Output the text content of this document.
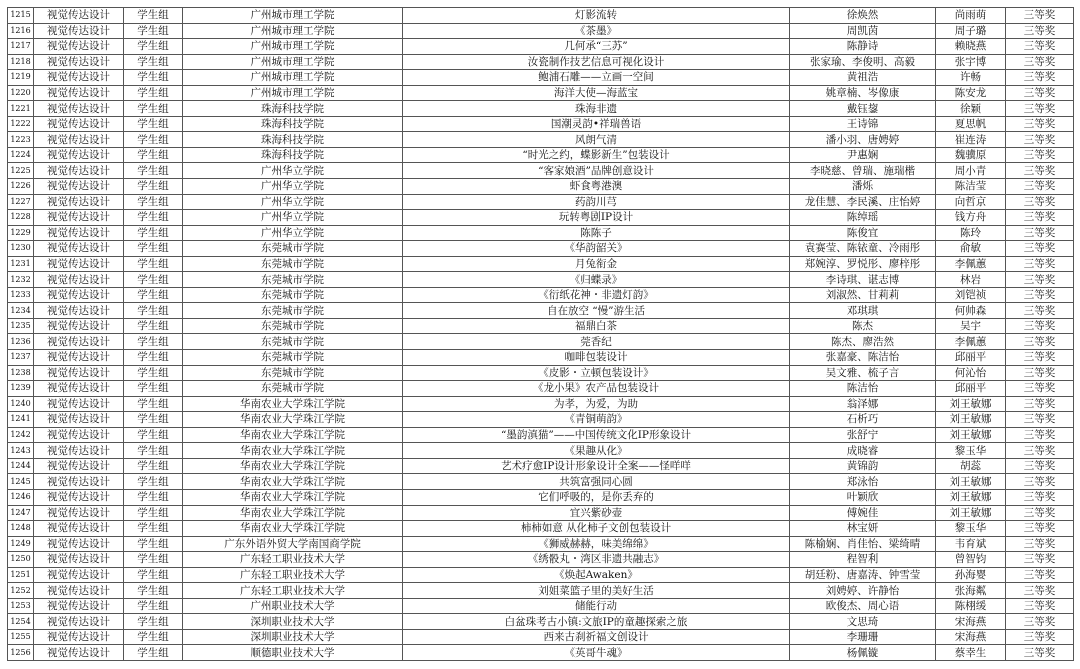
1215	视觉传达设计	学生组	广州城市理工学院	灯影流转	徐焕然	尚雨萌	三等奖
1216	视觉传达设计	学生组	广州城市理工学院	《茶墨》	周凯茵	周子璐	三等奖
1217	视觉传达设计	学生组	广州城市理工学院	几何承“三苏”	陈静诗	赖晓燕	三等奖
1218	视觉传达设计	学生组	广州城市理工学院	汝瓷制作技艺信息可视化设计	张家瑜、李俊明、高毅	张宇博	三等奖
1219	视觉传达设计	学生组	广州城市理工学院	鲍浦石雕——立画一空间	黄祖浩	许畅	三等奖
1220	视觉传达设计	学生组	广州城市理工学院	海洋大使—海蓝宝	姚章楠、岑像康	陈安龙	三等奖
1221	视觉传达设计	学生组	珠海科技学院	珠海非遗	戴钰鋆	徐颖	三等奖
1222	视觉传达设计	学生组	珠海科技学院	国潮灵韵•祥瑞兽语	王诗锦	夏思帆	三等奖
1223	视觉传达设计	学生组	珠海科技学院	风朗气清	潘小羽、唐娉婷	崔连涛	三等奖
1224	视觉传达设计	学生组	珠海科技学院	“时光之约，蝶影新生”包装设计	尹惠娴	魏骥原	三等奖
1225	视觉传达设计	学生组	广州华立学院	“客家娘酒”品牌创意设计	李晓慈、曾瑞、施瑞楷	周小青	三等奖
1226	视觉传达设计	学生组	广州华立学院	虾食粤港澳	潘烁	陈洁莹	三等奖
1227	视觉传达设计	学生组	广州华立学院	药韵川芎	龙佳慧、李民溪、庄怡婷	向哲京	三等奖
1228	视觉传达设计	学生组	广州华立学院	玩转粤剧IP设计	陈绰瑶	钱方舟	三等奖
1229	视觉传达设计	学生组	广州华立学院	陈陈子	陈俊宜	陈玲	三等奖
1230	视觉传达设计	学生组	东莞城市学院	《华韵韶关》	袁赛莹、陈铱童、冷雨彤	俞敏	三等奖
1231	视觉传达设计	学生组	东莞城市学院	月兔衔金	郑婉淳、罗悦彤、廖梓彤	李佩蕙	三等奖
1232	视觉传达设计	学生组	东莞城市学院	《归蝶录》	李诗琪、谌志博	林岩	三等奖
1233	视觉传达设计	学生组	东莞城市学院	《衍纸花神・非遗灯韵》	刘淑然、甘莉莉	刘铠祯	三等奖
1234	视觉传达设计	学生组	东莞城市学院	自在放空 “慢”游生活	邓琪琪	何帅森	三等奖
1235	视觉传达设计	学生组	东莞城市学院	福鼎白茶	陈杰	吴宇	三等奖
1236	视觉传达设计	学生组	东莞城市学院	莞香纪	陈杰、廖浩然	李佩蕙	三等奖
1237	视觉传达设计	学生组	东莞城市学院	咖啡包装设计	张嘉豪、陈洁怡	邱丽平	三等奖
1238	视觉传达设计	学生组	东莞城市学院	《皮影・立顿包装设计》	吴文雅、梳子言	何沁怡	三等奖
1239	视觉传达设计	学生组	东莞城市学院	《龙小果》农产品包装设计	陈洁怡	邱丽平	三等奖
1240	视觉传达设计	学生组	华南农业大学珠江学院	为孝，为爱，为助	翁泽娜	刘王敏娜	三等奖
1241	视觉传达设计	学生组	华南农业大学珠江学院	《青铜萌韵》	石析巧	刘王敏娜	三等奖
1242	视觉传达设计	学生组	华南农业大学珠江学院	“墨韵滇猫”——中国传统文化IP形象设计	张舒宁	刘王敏娜	三等奖
1243	视觉传达设计	学生组	华南农业大学珠江学院	《果趣从化》	成晓睿	黎玉华	三等奖
1244	视觉传达设计	学生组	华南农业大学珠江学院	艺术疗愈IP设计形象设计全案——怪咩咩	黄锦韵	胡蕊	三等奖
1245	视觉传达设计	学生组	华南农业大学珠江学院	共筑富强同心圆	郑泳怡	刘王敏娜	三等奖
1246	视觉传达设计	学生组	华南农业大学珠江学院	它们呼吸的，是你丢弃的	叶颖欣	刘王敏娜	三等奖
1247	视觉传达设计	学生组	华南农业大学珠江学院	宜兴紫砂壶	傅婉佳	刘王敏娜	三等奖
1248	视觉传达设计	学生组	华南农业大学珠江学院	柿柿如意 从化柿子文创包装设计	林宝妍	黎玉华	三等奖
1249	视觉传达设计	学生组	广东外语外贸大学南国商学院	《狮威赫赫，味美绵绵》	陈榆娴、肖佳怡、梁绮晴	韦育斌	三等奖
1250	视觉传达设计	学生组	广东轻工职业技术大学	《绣骰丸・湾区非遗共融志》	程智利	曾智钧	三等奖
1251	视觉传达设计	学生组	广东轻工职业技术大学	《焕起Awaken》	胡廷粉、唐嘉涛、钟雪莹	孙海婴	三等奖
1252	视觉传达设计	学生组	广东轻工职业技术大学	刘姐菜篮子里的美好生活	刘娉婷、许静怡	张海粼	三等奖
1253	视觉传达设计	学生组	广州职业技术大学	储能行动	欧俊杰、周心语	陈栩缓	三等奖
1254	视觉传达设计	学生组	深圳职业技术大学	白盆珠考古小镇:文旅IP的童趣探索之旅	文思琦	宋海燕	三等奖
1255	视觉传达设计	学生组	深圳职业技术大学	西来古刹祈福文创设计	李珊珊	宋海燕	三等奖
1256	视觉传达设计	学生组	顺德职业技术大学	《英哥牛魂》	杨佩镟	蔡幸生	三等奖
